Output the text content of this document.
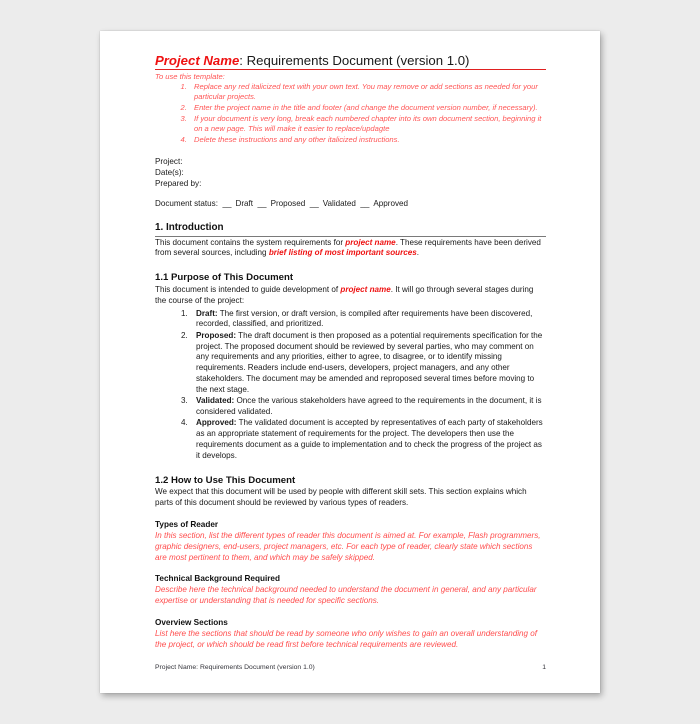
Project Name: Requirements Document (version 1.0)
To use this template:
1. Replace any red italicized text with your own text. You may remove or add sections as needed for your particular projects.
2. Enter the project name in the title and footer (and change the document version number, if necessary).
3. If your document is very long, break each numbered chapter into its own document section, beginning it on a new page. This will make it easier to replace/updagte
4. Delete these instructions and any other italicized instructions.
Project:
Date(s):
Prepared by:
Document status: __ Draft __ Proposed __ Validated __ Approved
1. Introduction

This document contains the system requirements for project name. These requirements have been derived from several sources, including brief listing of most important sources.

1.1 Purpose of This Document

This document is intended to guide development of project name. It will go through several stages during the course of the project:

1. Draft: The first version, or draft version, is compiled after requirements have been discovered, recorded, classified, and prioritized.
2. Proposed: The draft document is then proposed as a potential requirements specification for the project. The proposed document should be reviewed by several parties, who may comment on any requirements and any priorities, either to agree, to disagree, or to identify missing requirements. Readers include end-users, developers, project managers, and any other stakeholders. The document may be amended and reproposed several times before moving to the next stage.
3. Validated: Once the various stakeholders have agreed to the requirements in the document, it is considered validated.
4. Approved: The validated document is accepted by representatives of each party of stakeholders as an appropriate statement of requirements for the project. The developers then use the requirements document as a guide to implementation and to check the progress of the project as it develops.
1.2 How to Use This Document

We expect that this document will be used by people with different skill sets. This section explains which parts of this document should be reviewed by various types of readers.

Types of Reader

In this section, list the different types of reader this document is aimed at. For example, Flash programmers, graphic designers, end-users, project managers, etc. For each type of reader, clearly state which sections are most pertinent to them, and which may be safely skipped.

Technical Background Required

Describe here the technical background needed to understand the document in general, and any particular expertise or understanding that is needed for specific sections.

Overview Sections

List here the sections that should be read by someone who only wishes to gain an overall understanding of the project, or which should be read first before technical requirements are reviewed.

Project Name: Requirements Document (version 1.0)	1
